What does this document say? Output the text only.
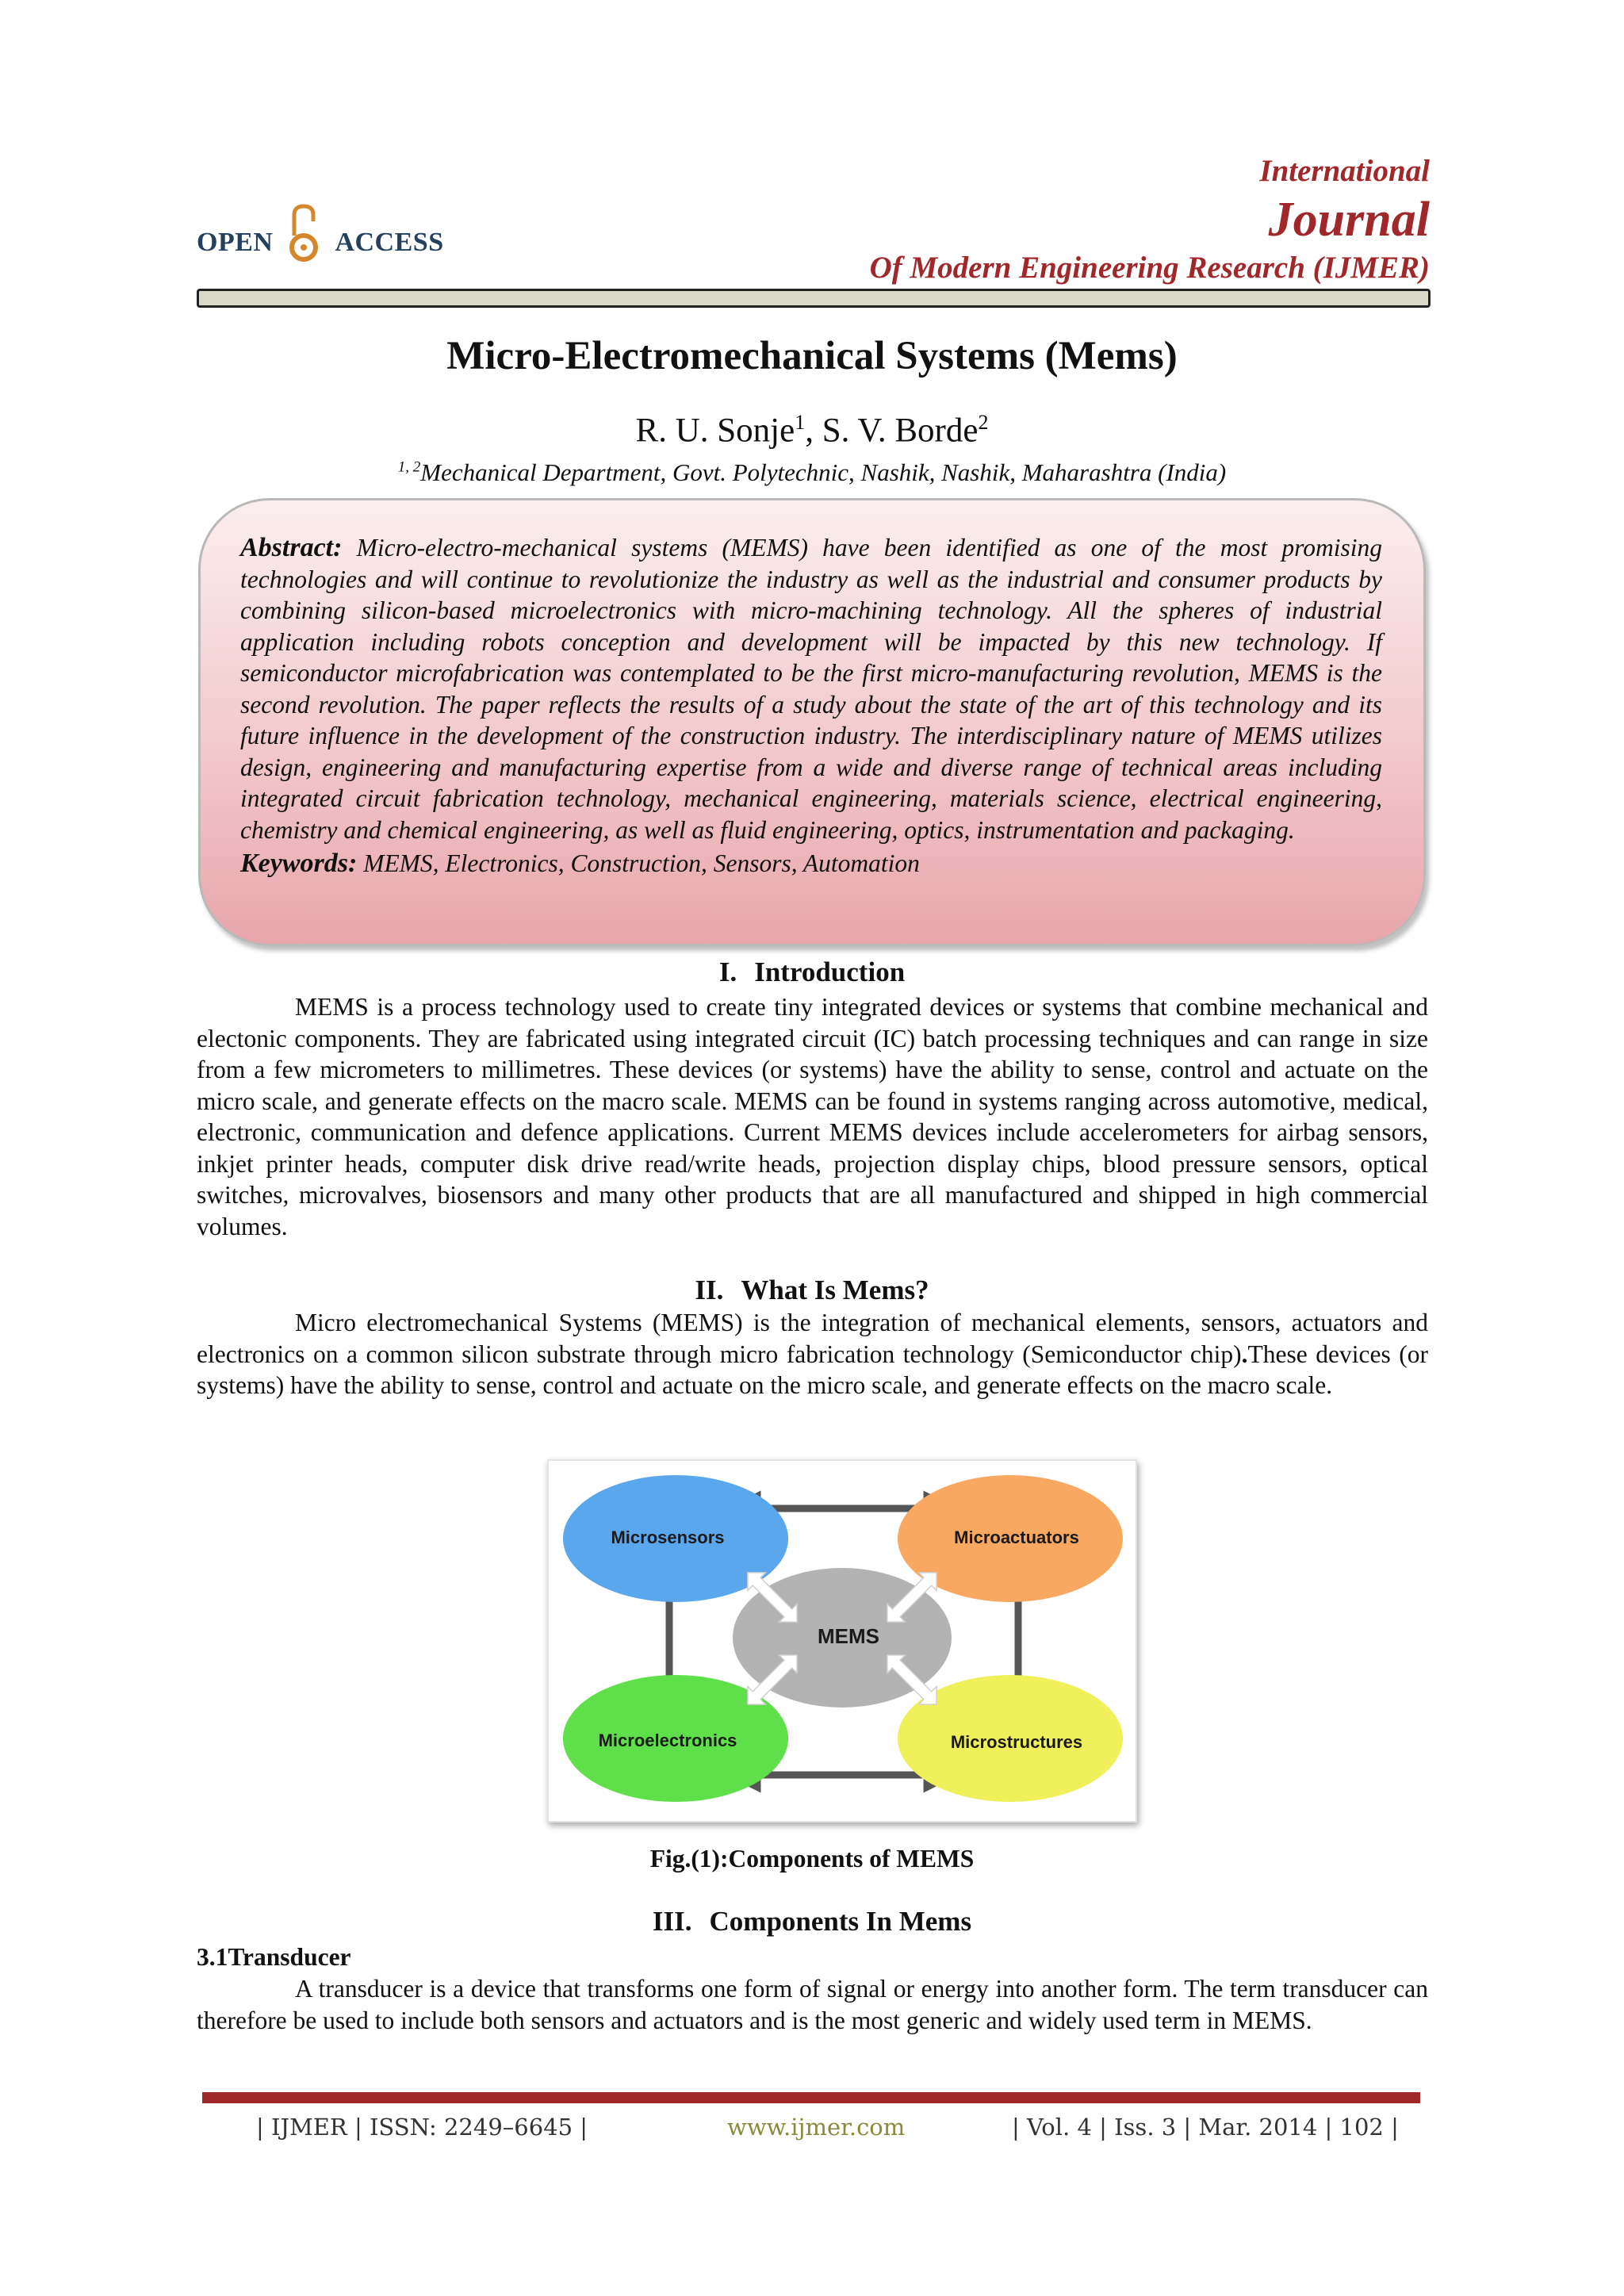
OPEN ACCESS
International
Journal
Of Modern Engineering Research (IJMER)
Micro-Electromechanical Systems (Mems)
R. U. Sonje$^1$, S. V. Borde$^2$
$^{1, 2}$Mechanical Department, Govt. Polytechnic, Nashik, Nashik, Maharashtra (India)
Abstract: Micro-electro-mechanical systems (MEMS) have been identified as one of the most promising technologies and will continue to revolutionize the industry as well as the industrial and consumer products by combining silicon-based microelectronics with micro-machining technology. All the spheres of industrial application including robots conception and development will be impacted by this new technology. If semiconductor microfabrication was contemplated to be the first micro-manufacturing revolution, MEMS is the second revolution. The paper reflects the results of a study about the state of the art of this technology and its future influence in the development of the construction industry. The interdisciplinary nature of MEMS utilizes design, engineering and manufacturing expertise from a wide and diverse range of technical areas including integrated circuit fabrication technology, mechanical engineering, materials science, electrical engineering, chemistry and chemical engineering, as well as fluid engineering, optics, instrumentation and packaging.
Keywords: MEMS, Electronics, Construction, Sensors, Automation
I. Introduction
MEMS is a process technology used to create tiny integrated devices or systems that combine mechanical and electonic components. They are fabricated using integrated circuit (IC) batch processing techniques and can range in size from a few micrometers to millimetres. These devices (or systems) have the ability to sense, control and actuate on the micro scale, and generate effects on the macro scale. MEMS can be found in systems ranging across automotive, medical, electronic, communication and defence applications. Current MEMS devices include accelerometers for airbag sensors, inkjet printer heads, computer disk drive read/write heads, projection display chips, blood pressure sensors, optical switches, microvalves, biosensors and many other products that are all manufactured and shipped in high commercial volumes.
II. What Is Mems?
Micro electromechanical Systems (MEMS) is the integration of mechanical elements, sensors, actuators and electronics on a common silicon substrate through micro fabrication technology (Semiconductor chip).These devices (or systems) have the ability to sense, control and actuate on the micro scale, and generate effects on the macro scale.
Microsensors	Microactuators
Microelectronics	Microstructures
MEMS
Fig.(1):Components of MEMS
III. Components In Mems
3.1Transducer
A transducer is a device that transforms one form of signal or energy into another form. The term transducer can therefore be used to include both sensors and actuators and is the most generic and widely used term in MEMS.
| IJMER | ISSN: 2249–6645 |	www.ijmer.com	| Vol. 4 | Iss. 3 | Mar. 2014 | 102 |
